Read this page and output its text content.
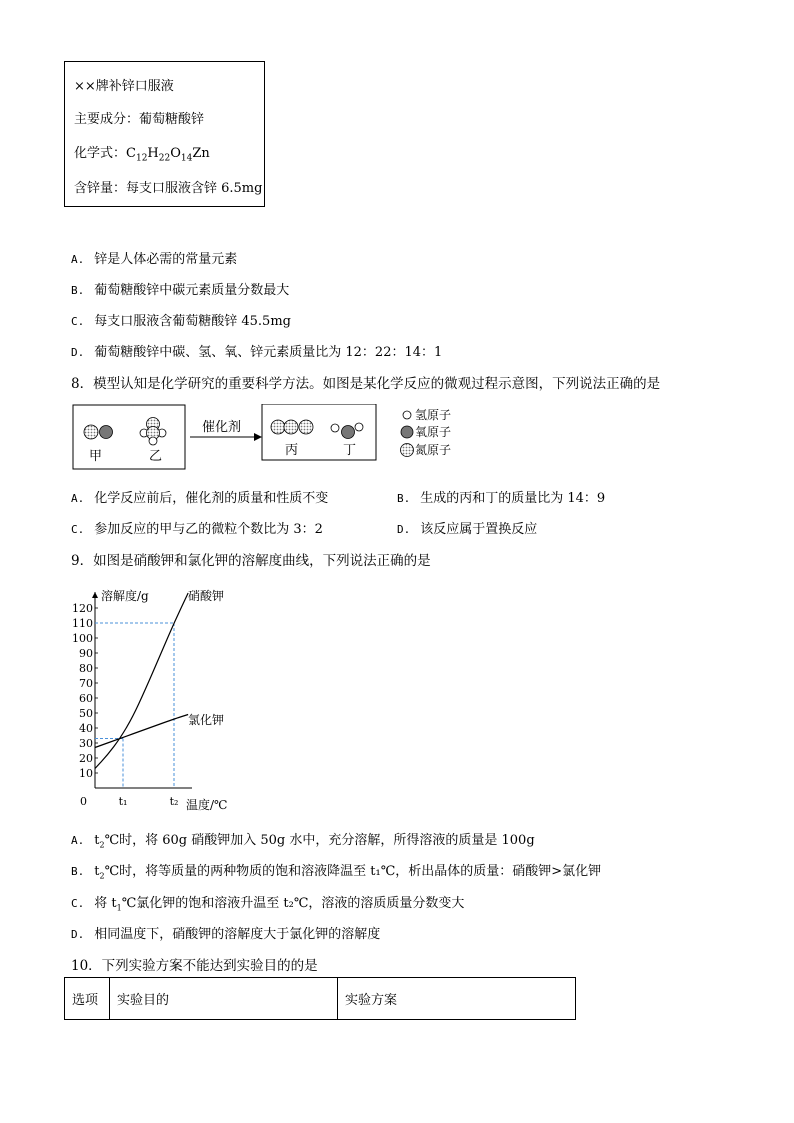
××牌补锌口服液
主要成分：葡萄糖酸锌
化学式：$C_{12}H_{22}O_{14}Zn$
含锌量：每支口服液含锌 6.5mg
A. 锌是人体必需的常量元素
B. 葡萄糖酸锌中碳元素质量分数最大
C. 每支口服液含葡萄糖酸锌 45.5mg
D. 葡萄糖酸锌中碳、氢、氧、锌元素质量比为 12：22：14：1
8．模型认知是化学研究的重要科学方法。如图是某化学反应的微观过程示意图，下列说法正确的是
甲	乙
催化剂
丙	丁
氢原子
氧原子
氮原子
A. 化学反应前后，催化剂的质量和性质不变	B. 生成的丙和丁的质量比为 14：9
C. 参加反应的甲与乙的微粒个数比为 3：2	D. 该反应属于置换反应
9．如图是硝酸钾和氯化钾的溶解度曲线，下列说法正确的是
溶解度/g
温度/℃
0
10
20
30
40
50
60
70
80
90
100
110
120
t₁	t₂
硝酸钾
氯化钾
A. $t_2℃$时，将 60g 硝酸钾加入 50g 水中，充分溶解，所得溶液的质量是 100g
B. $t_2℃$时，将等质量的两种物质的饱和溶液降温至 t₁℃，析出晶体的质量：硝酸钾>氯化钾
C. 将 $t_1℃$氯化钾的饱和溶液升温至 t₂℃，溶液的溶质质量分数变大
D. 相同温度下，硝酸钾的溶解度大于氯化钾的溶解度
10．下列实验方案不能达到实验目的的是
选项	实验目的	实验方案
